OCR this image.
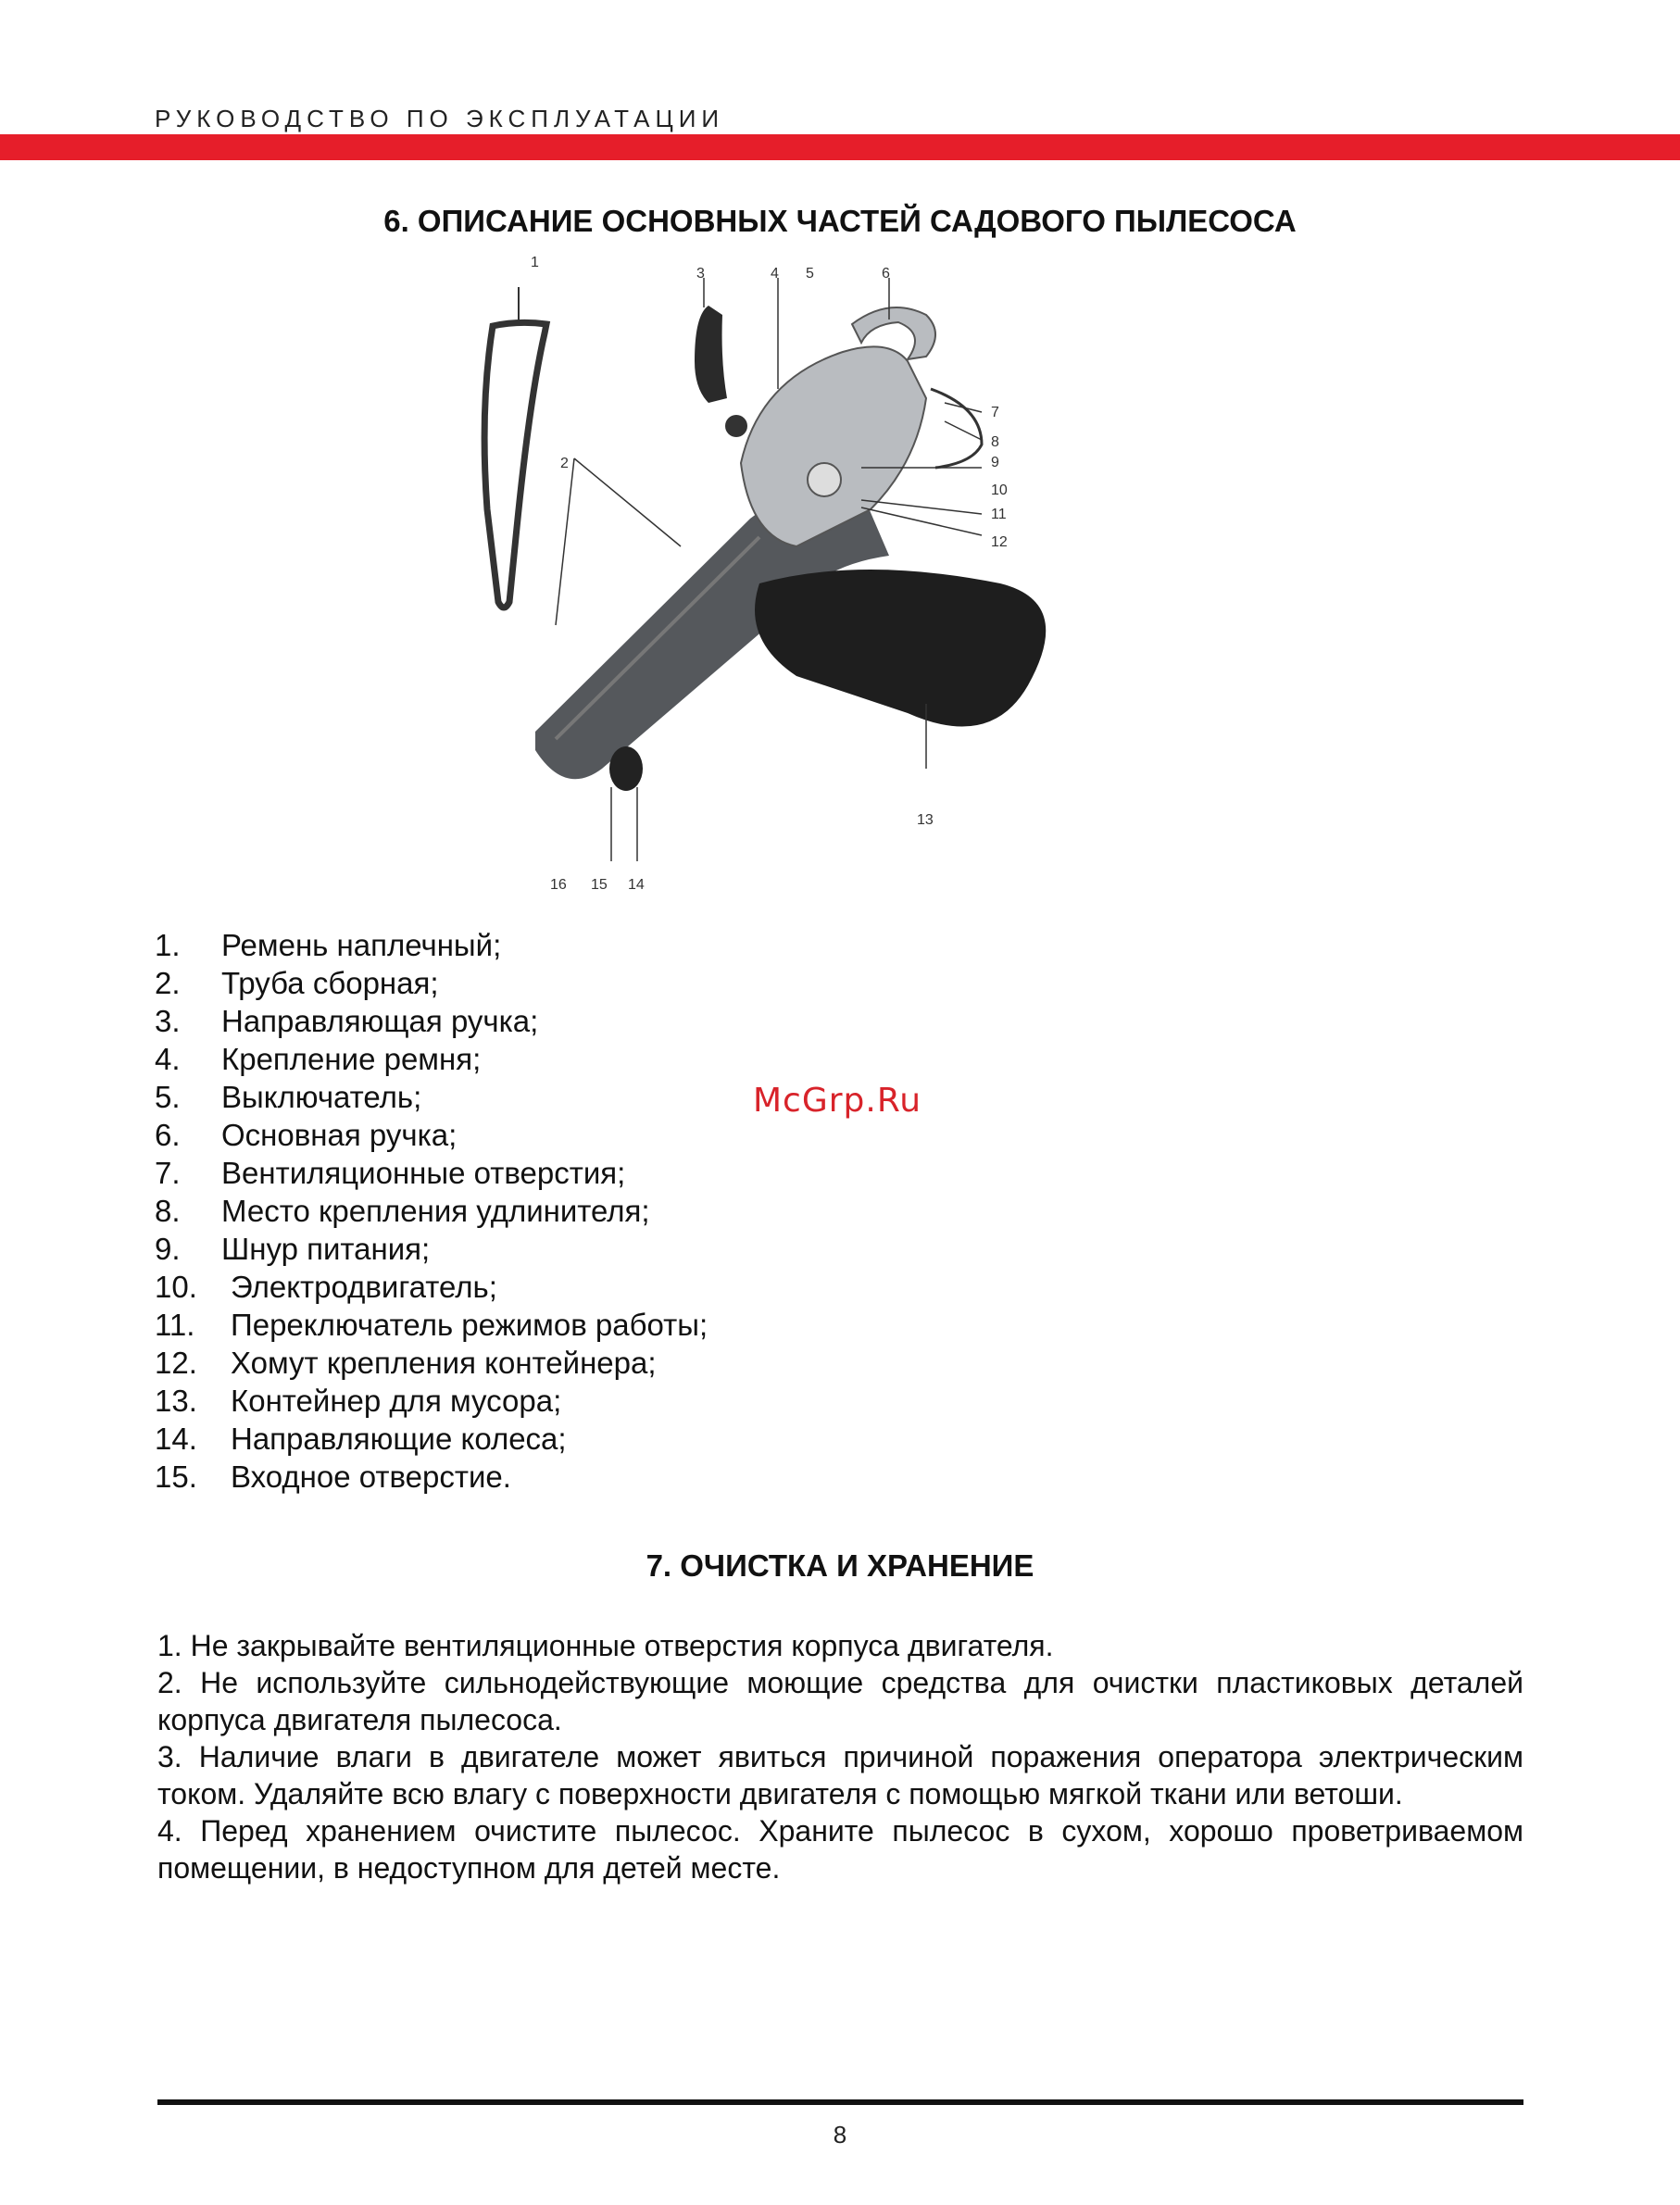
РУКОВОДСТВО ПО ЭКСПЛУАТАЦИИ
6. ОПИСАНИЕ ОСНОВНЫХ ЧАСТЕЙ САДОВОГО ПЫЛЕСОСА
1
2
3	4 5	6
7
8
9
10
11
12
13
14
15
16
1.	Ремень наплечный;
2.	Труба сборная;
3.	Направляющая ручка;
4.	Крепление ремня;
5.	Выключатель;
6.	Основная ручка;
7.	Вентиляционные отверстия;
8.	Место крепления удлинителя;
9.	Шнур питания;
10.	Электродвигатель;
11.	Переключатель режимов работы;
12.	Хомут крепления контейнера;
13.	Контейнер для мусора;
14.	Направляющие колеса;
15.	Входное отверстие.
McGrp.Ru
7. ОЧИСТКА И ХРАНЕНИЕ
1. Не закрывайте вентиляционные отверстия корпуса двигателя.
2. Не используйте сильнодействующие моющие средства для очистки пластиковых деталей корпуса двигателя пылесоса.
3. Наличие влаги в двигателе может явиться причиной поражения оператора электрическим током. Удаляйте всю влагу с поверхности двигателя с помощью мягкой ткани или ветоши.
4. Перед хранением очистите пылесос. Храните пылесос в сухом, хорошо проветриваемом помещении, в недоступном для детей месте.
8
